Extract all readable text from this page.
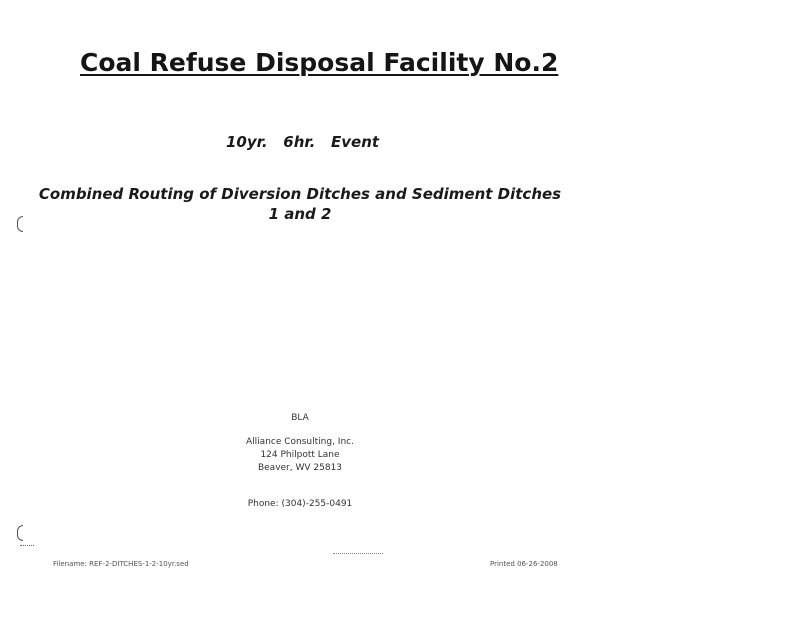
Coal Refuse Disposal Facility No.2
10yr.   6hr.   Event
Combined Routing of Diversion Ditches and Sediment Ditches
1 and 2
BLA
Alliance Consulting, Inc.
124 Philpott Lane
Beaver, WV 25813
Phone: (304)-255-0491
Filename: REF-2-DITCHES-1-2-10yr.sed	Printed 06-26-2008
